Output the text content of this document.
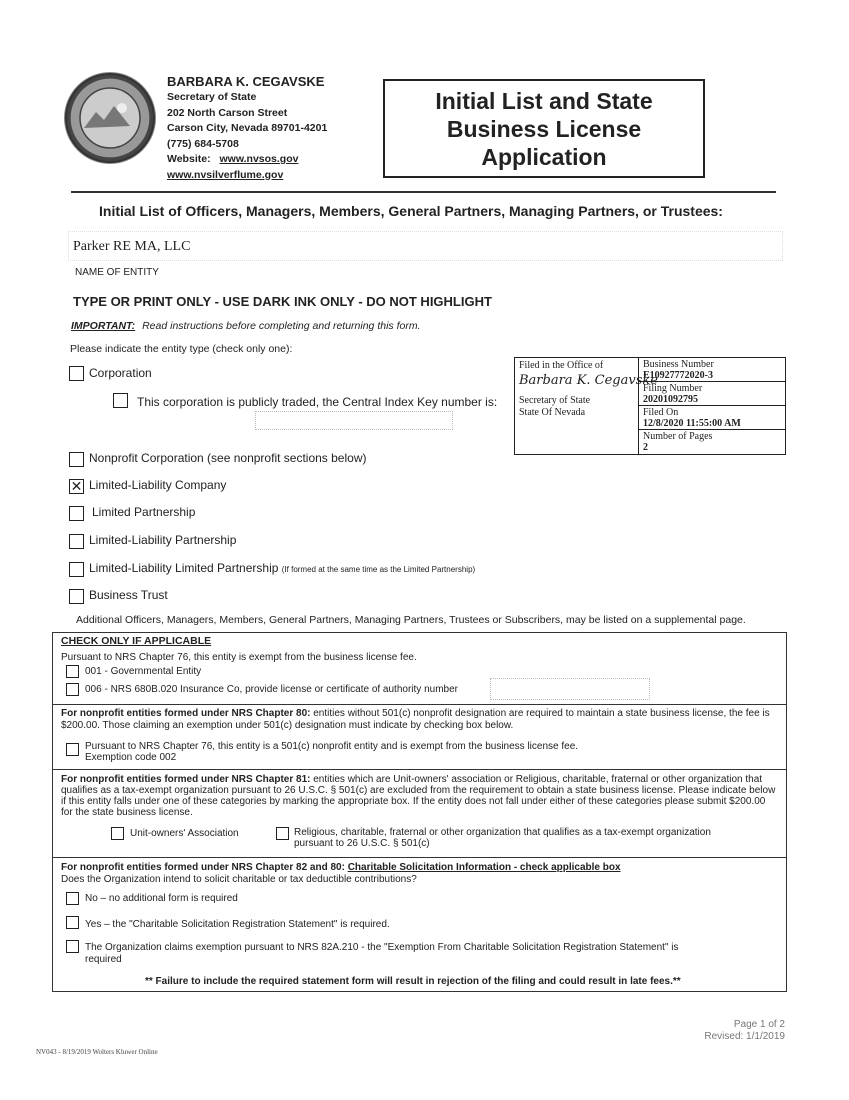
BARBARA K. CEGAVSKE
Secretary of State
202 North Carson Street
Carson City, Nevada 89701-4201
(775) 684-5708
Website: www.nvsos.gov
www.nvsilverflume.gov
Initial List and State
Business License
Application
Initial List of Officers, Managers, Members, General Partners, Managing Partners, or Trustees:
Parker RE MA, LLC
NAME OF ENTITY
TYPE OR PRINT ONLY - USE DARK INK ONLY - DO NOT HIGHLIGHT
IMPORTANT: Read instructions before completing and returning this form.
Please indicate the entity type (check only one):
Corporation
This corporation is publicly traded, the Central Index Key number is:
Nonprofit Corporation (see nonprofit sections below)
✕ Limited-Liability Company
Limited Partnership
Limited-Liability Partnership
Limited-Liability Limited Partnership (If formed at the same time as the Limited Partnership)
Business Trust
Additional Officers, Managers, Members, General Partners, Managing Partners, Trustees or Subscribers, may be listed on a supplemental page.
Filed in the Office of
Barbara K. Cegavske
Secretary of State
State Of Nevada
Business Number
E10927772020-3
Filing Number
20201092795
Filed On
12/8/2020 11:55:00 AM
Number of Pages
2
CHECK ONLY IF APPLICABLE
Pursuant to NRS Chapter 76, this entity is exempt from the business license fee.
001 - Governmental Entity
006 - NRS 680B.020 Insurance Co, provide license or certificate of authority number
For nonprofit entities formed under NRS Chapter 80: entities without 501(c) nonprofit designation are required to maintain a state business license, the fee is $200.00. Those claiming an exemption under 501(c) designation must indicate by checking box below.
Pursuant to NRS Chapter 76, this entity is a 501(c) nonprofit entity and is exempt from the business license fee.
Exemption code 002
For nonprofit entities formed under NRS Chapter 81: entities which are Unit-owners' association or Religious, charitable, fraternal or other organization that qualifies as a tax-exempt organization pursuant to 26 U.S.C. § 501(c) are excluded from the requirement to obtain a state business license. Please indicate below if this entity falls under one of these categories by marking the appropriate box. If the entity does not fall under either of these categories please submit $200.00 for the state business license.
Unit-owners' Association	Religious, charitable, fraternal or other organization that qualifies as a tax-exempt organization
pursuant to 26 U.S.C. § 501(c)
For nonprofit entities formed under NRS Chapter 82 and 80: Charitable Solicitation Information - check applicable box
Does the Organization intend to solicit charitable or tax deductible contributions?
No – no additional form is required
Yes – the "Charitable Solicitation Registration Statement" is required.
The Organization claims exemption pursuant to NRS 82A.210 - the "Exemption From Charitable Solicitation Registration Statement" is
required
** Failure to include the required statement form will result in rejection of the filing and could result in late fees.**
Page 1 of 2
Revised: 1/1/2019
NV043 - 8/19/2019 Wolters Kluwer Online
